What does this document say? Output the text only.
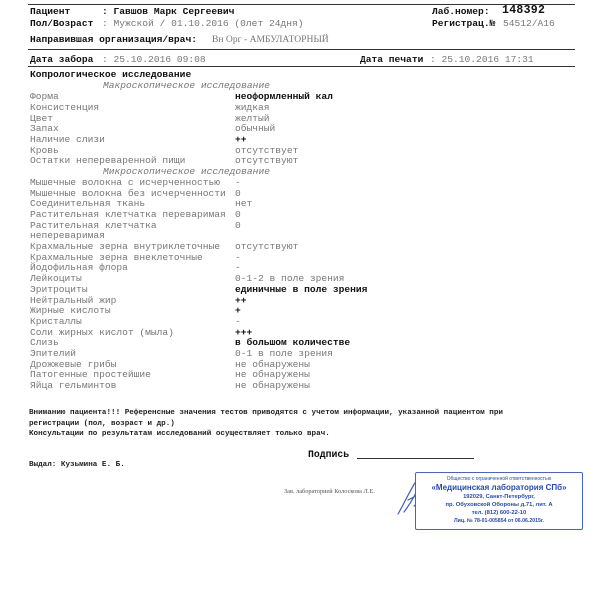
Пациент	: Гавшов Марк Сергеевич	Лаб.номер: 148392
Пол/Возраст : Мужской / 01.10.2016 (0лет 24дня)	Регистрац.№ 54512/А16
Направившая организация/врач: Вн Орг - АМБУЛАТОРНЫЙ
Дата забора : 25.10.2016 09:08	Дата печати : 25.10.2016 17:31
Копрологическое исследование
Макроскопическое исследование
Форма	неоформленный кал
Консистенция	жидкая
Цвет	желтый
Запах	обычный
Наличие слизи	++
Кровь	отсутствует
Остатки непереваренной пищи	отсутствуют
Микроскопическое исследование
Мышечные волокна с исчерченностью -
Мышечные волокна без исчерченности 0
Соединительная ткань	нет
Растительная клетчатка переваримая 0
Растительная клетчатка	0
непереваримая
Крахмальные зерна внутриклеточные отсутствуют
Крахмальные зерна внеклеточные	-
Йодофильная флора	-
Лейкоциты	0-1-2 в поле зрения
Эритроциты	единичные в поле зрения
Нейтральный жир	++
Жирные кислоты	+
Кристаллы	-
Соли жирных кислот (мыла)	+++
Слизь	в большом количестве
Эпителий	0-1 в поле зрения
Дрожжевые грибы	не обнаружены
Патогенные простейшие	не обнаружены
Яйца гельминтов	не обнаружены
Вниманию пациента!!! Референсные значения тестов приводятся с учетом информации, указанной пациентом при
регистрации (пол, возраст и др.)
Консультации по результатам исследований осуществляет только врач.
Подпись
Выдал: Кузьмина Е. Б.
Зав. лабораторией Колоскова Л.Е.
Общество с ограниченной ответственностью
«Медицинская лаборатория СПб»
192029, Санкт-Петербург,
пр. Обуховской Обороны д.71, лит. А
тел. (812) 600-22-10
Лиц. № 78-01-005854 от 06.06.2015г.
